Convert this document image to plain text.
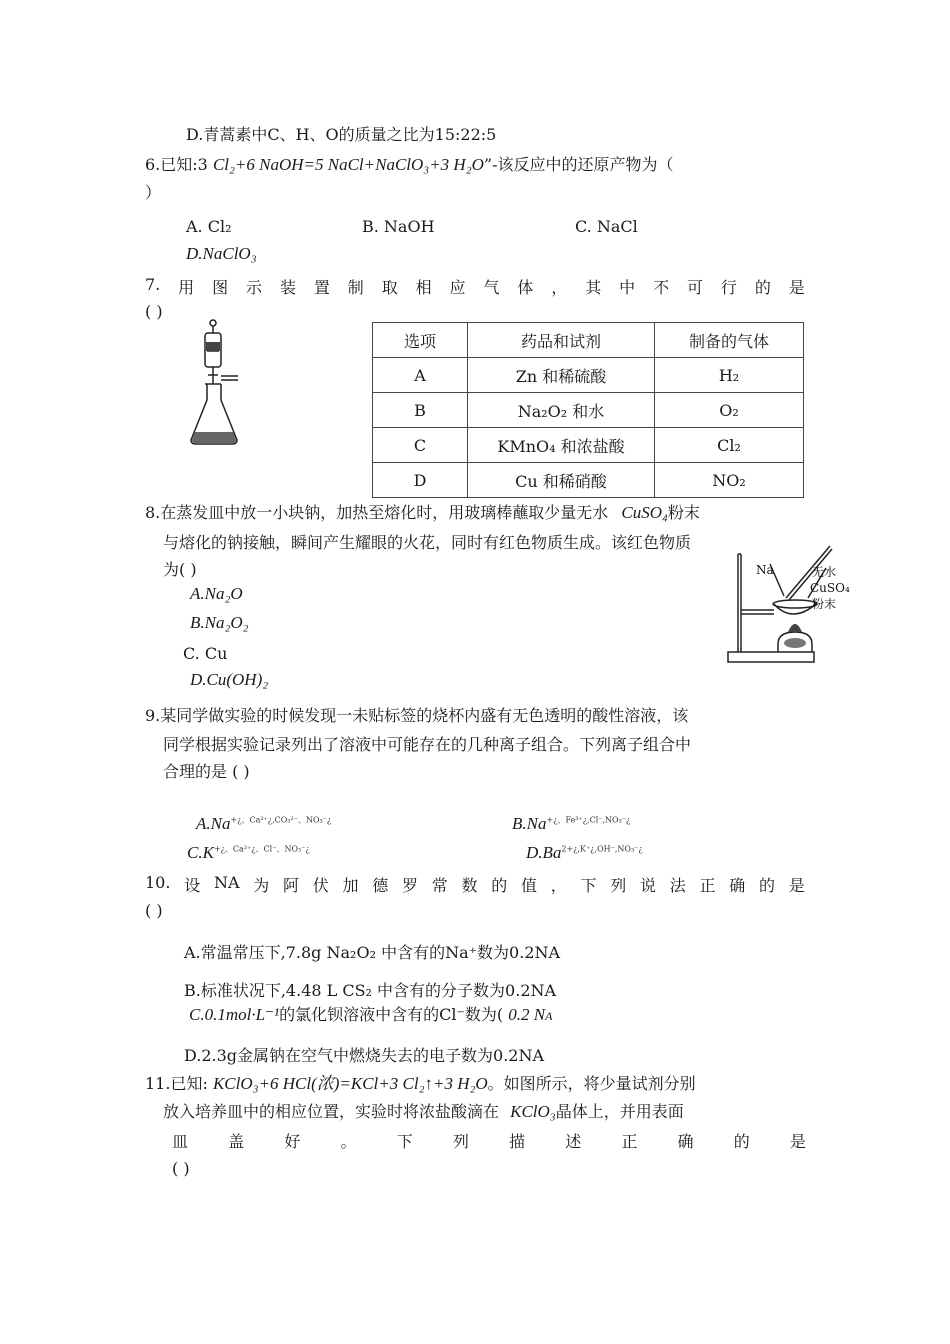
D.青蒿素中C、H、O的质量之比为15:22:5
6.已知:3 Cl₂+6 NaOH=5 NaCl+NaClO₃+3 H₂O”-该反应中的还原产物为（
）
A. Cl₂	B. NaOH	C. NaCl
D.NaClO₃
7. 用 图 示 装 置 制 取 相 应 气 体 ， 其 中 不 可 行 的 是
( )
选项	药品和试剂	制备的气体
A	Zn 和稀硫酸	H₂
B	Na₂O₂ 和水	O₂
C	KMnO₄ 和浓盐酸	Cl₂
D	Cu 和稀硝酸	NO₂
8.在蒸发皿中放一小块钠，加热至熔化时，用玻璃棒蘸取少量无水 CuSO₄粉末
与熔化的钠接触，瞬间产生耀眼的火花，同时有红色物质生成。该红色物质
为( )
A.Na₂O
B.Na₂O₂
C. Cu
D.Cu(OH)₂
Na	无水
CuSO₄
粉末
9.某同学做实验的时候发现一未贴标签的烧杯内盛有无色透明的酸性溶液，该
同学根据实验记录列出了溶液中可能存在的几种离子组合。下列离子组合中
合理的是 ( )
$A.Na^{+¿、Ca^{2+}¿,CO_3^{2-}、NO_3^-¿}$	$B.Na^{+¿、Fe^{3+}¿,Cl^-,NO_3^-¿}$
$C.K^{+¿、Ca^{2+}¿、Cl^-、NO_3^-¿}$	$D.Ba^{2+¿,K^+¿,OH^-,NO_3^-¿}$
10. 设 NA 为 阿 伏 加 德 罗 常 数 的 值 ， 下 列 说 法 正 确 的 是
( )
A.常温常压下,7.8g Na₂O₂ 中含有的Na⁺数为0.2NA
B.标准状况下,4.48 L CS₂ 中含有的分子数为0.2NA
C.0.1mol·L⁻¹的氯化钡溶液中含有的Cl⁻数为( 0.2 NA
D.2.3g金属钠在空气中燃烧失去的电子数为0.2NA
11.已知: KClO₃+6 HCl(浓)=KCl+3 Cl₂↑+3 H₂O。如图所示，将少量试剂分别
放入培养皿中的相应位置，实验时将浓盐酸滴在 KClO₃晶体上，并用表面
皿	盖	好	。	下	列	描	述	正	确	的	是
( )
